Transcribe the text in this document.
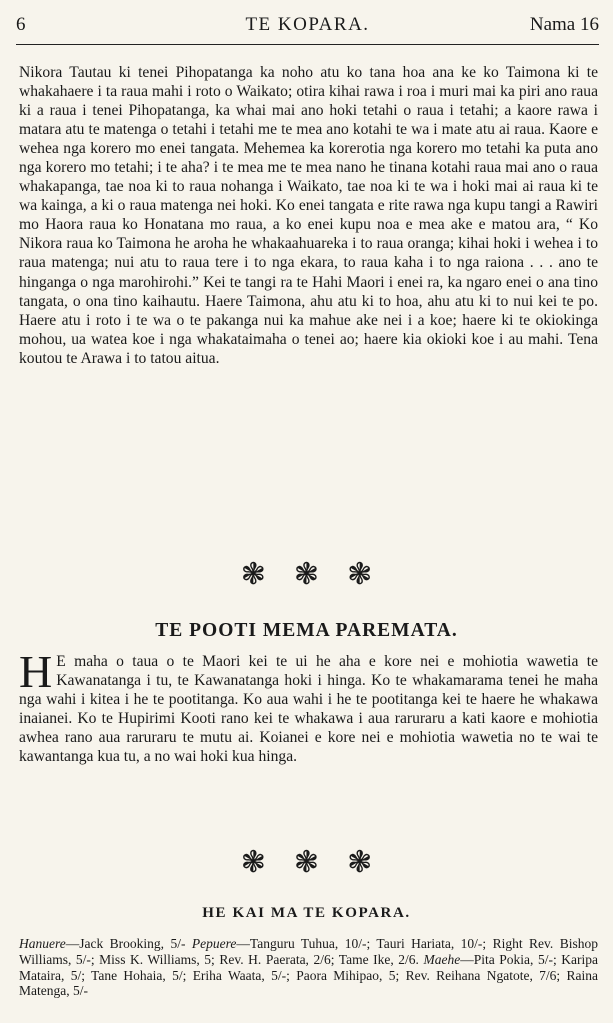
TE KOPARA.
6	Nama 16

Nikora Tautau ki tenei Pihopatanga ka noho atu ko tana hoa ana ke ko Taimona ki te whakahaere i ta raua mahi i roto o Waikato; otira kihai rawa i roa i muri mai ka piri ano raua ki a raua i tenei Pihopatanga, ka whai mai ano hoki tetahi o raua i tetahi; a kaore rawa i matara atu te matenga o tetahi i tetahi me te mea ano kotahi te wa i mate atu ai raua. Kaore e wehea nga korero mo enei tangata. Mehemea ka korerotia nga korero mo tetahi ka puta ano nga korero mo tetahi; i te aha? i te mea me te mea nano he tinana kotahi raua mai ano o raua whakapanga, tae noa ki to raua nohanga i Waikato, tae noa ki te wa i hoki mai ai raua ki te wa kainga, a ki o raua matenga nei hoki. Ko enei tangata e rite rawa nga kupu tangi a Rawiri mo Haora raua ko Honatana mo raua, a ko enei kupu noa e mea ake e matou ara, “ Ko Nikora raua ko Taimona he aroha he whakaahuareka i to raua oranga; kihai hoki i wehea i to raua matenga; nui atu to raua tere i to nga ekara, to raua kaha i to nga raiona . . . ano te hinganga o nga marohirohi.” Kei te tangi ra te Hahi Maori i enei ra, ka ngaro enei o ana tino tangata, o ona tino kaihautu. Haere Taimona, ahu atu ki to hoa, ahu atu ki to nui kei te po. Haere atu i roto i te wa o te pakanga nui ka mahue ake nei i a koe; haere ki te okiokinga mohou, ua watea koe i nga whakataimaha o tenei ao; haere kia okioki koe i au mahi. Tena koutou te Arawa i to tatou aitua.

❃ ❃ ❃
TE POOTI MEMA PAREMATA.

H E maha o taua o te Maori kei te ui he aha e kore nei e mohiotia wawetia te Kawanatanga i tu, te Kawanatanga hoki i hinga. Ko te whakamarama tenei he maha nga wahi i kitea i he te pootitanga. Ko aua wahi i he te pootitanga kei te haere he whakawa inaianei. Ko te Hupirimi Kooti rano kei te whakawa i aua raruraru a kati kaore e mohiotia awhea rano aua raruraru te mutu ai. Koianei e kore nei e mohiotia wawetia no te wai te kawantanga kua tu, a no wai hoki kua hinga.

❃ ❃ ❃
HE KAI MA TE KOPARA.

Hanuere—Jack Brooking, 5/- Pepuere—Tanguru Tuhua, 10/-; Tauri Hariata, 10/-; Right Rev. Bishop Williams, 5/-; Miss K. Williams, 5; Rev. H. Paerata, 2/6; Tame Ike, 2/6. Maehe—Pita Pokia, 5/-; Karipa Mataira, 5/; Tane Hohaia, 5/; Eriha Waata, 5/-; Paora Mihipao, 5; Rev. Reihana Ngatote, 7/6; Raina Matenga, 5/-
